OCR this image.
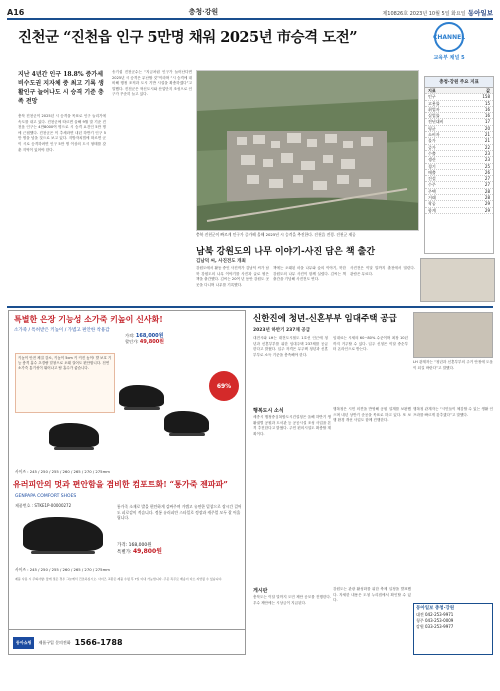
A16	충청·강원	제10826호 2023년 10월 5일 화요일 동아일보
진천군 “진천읍 인구 5만명 채워 2025년 市승격 도전”	CHANNEL
교육부 채널 5
지난 4년간 인구 18.8% 증가세 비수도권 지자체 중 최고 기록 생활인구 늘어나도 시 승격 기준 충족 전망
충북 진천군이 2025년 시 승격을 목표로 인구 늘리기에 속도를 내고 있다. 진천군에 따르면 올해 9월 말 기준 진천읍 인구는 4만8000여 명으로 시 승격 요건인 5만 명에 근접했다. 진천군은 이 추세라면 내년 하반기 인구 5만 명을 넘을 것으로 보고 있다. 지방자치법에 따르면 군이 시로 승격하려면 인구 5만 명 이상의 도시 형태를 갖춘 지역이 있어야 한다.
송기섭 진천군수는 “지금처럼 인구가 늘어난다면 2025년 시 승격은 무난할 것”이라며 “시 승격에 대비해 행정 조직과 도시 기반 시설을 확충하겠다”고 말했다. 진천군은 혁신도시와 산업단지 조성으로 인구가 꾸준히 늘고 있다.
충북 진천군이 빠르게 인구가 증가해 올해 2025년 시 승격을 추진한다. 진천읍 전경. 진천군 제공
충청·강원 주요 지표
지표	값
인구	158
고용률	15
취업자	16
실업률	16
전년대비	17
평균	20
소비자	21
물가	21
증가	22
수출	23
생산	23
경기	25
매출	26
건설	27
수주	27
주택	28
거래	28
착공	29
합계	29
남북 강원도의 나무 이야기-사진 담은 책 출간
김남덕 씨, 사진전도 개최
강원도에서 활동 중인 사진작가 김남덕 씨가 남북 강원도의 나무 이야기를 사진과 글로 엮은 책을 출간했다. 김씨는 20여 년 동안 강원도 곳곳을 다니며 나무를 기록했다.
책에는 오래된 마을 나무와 숲의 이야기, 북한 강원도의 나무 사진이 함께 실렸다. 김씨는 책 출간을 기념해 사진전도 연다.
사진전은 이달 말까지 춘천에서 열린다. 관람은 무료다.
특별한 은장 기능성 소가죽 키높이 신사화!
소가죽 / 특허받은 키높이 / 가볍고 편안한 착용감
키높이 안전 체질 감소, 키높이 5cm 키 커진 높이! 발 보호 기능 충격 흡수 초경량 밑창으로 오래 걸어도 편안합니다. 천연 소가죽 통기성이 뛰어나고 땀 흡수가 좋습니다.
가격: 168,000원
할인가: 49,800원
69%
사이즈 : 245 / 250 / 255 / 260 / 265 / 270 / 275mm
유러피안의 멋과 편안함을 겸비한 컴포트화! “통가죽 젠파파”
GENPAPA COMFORT SHOES
제품번호 : STKE1P-00000272	통가죽 소재로 발을 편안하게 감싸주며 가볍고 유연한 밑창으로 장시간 걸어도 피로감이 적습니다. 정통 유러피안 스타일로 정장과 캐주얼 모두 잘 어울립니다.
가격: 168,000원
특별가: 49,800원
사이즈 : 245 / 250 / 255 / 260 / 265 / 270 / 275mm
제품 사용 시 주의사항: 물에 젖은 경우 그늘에서 건조하십시오. 사이즈 교환은 제품 수령 후 7일 이내 가능합니다. 주문 폭주로 배송이 다소 지연될 수 있습니다.
동아쇼핑	제품구입 문의전화 1566-1788
신한진에 청년-신혼부부 임대주택 공급
2023년 하반기 237채 공급
대전시와 LH는 대전도시철도 1호선 인근에 청년과 신혼부부를 위한 임대주택 237채를 공급한다고 밝혔다. 입주 자격은 무주택 청년과 신혼부부로 소득 기준을 충족해야 한다.
임대료는 시세의 60~80% 수준이며 최장 10년까지 거주할 수 있다. 입주 신청은 이달 중순부터 온라인으로 받는다.
LH 관계자는 “청년과 신혼부부의 주거 안정에 도움이 되길 바란다”고 말했다.
행복도시 소식
세종시 행정중심복합도시건설청은 올해 하반기 생활권별 공원과 도서관 등 공공시설 조성 사업을 본격 추진한다고 밝혔다. 주민 편의시설도 확충할 계획이다.
행복청은 시민 의견을 반영해 공원 설계를 보완했으며 내년 상반기 준공을 목표로 하고 있다. 또 보행 환경 개선 사업도 함께 진행한다.
행복청 관계자는 “시민들이 체감할 수 있는 생활 인프라를 빠르게 갖추겠다”고 말했다.
게시판
충북도는 이달 말까지 도민 제안 공모를 진행한다. 우수 제안에는 시상금이 지급된다.
강원도는 관광 활성화를 위한 축제 일정을 발표했다. 자세한 내용은 도청 누리집에서 확인할 수 있다.
동아일보 충청·강원
대전 042-253-9971
청주 043-253-0009
강원 033-253-9977
